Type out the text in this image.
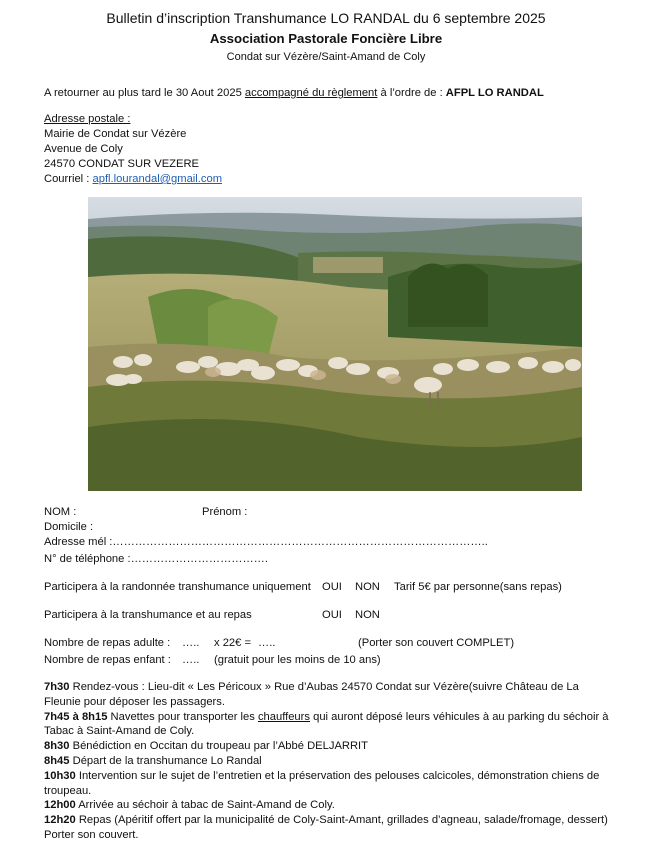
Bulletin d’inscription Transhumance LO RANDAL du 6 septembre 2025
Association Pastorale Foncière Libre
Condat sur Vézère/Saint-Amand de Coly
A retourner au plus tard le 30 Aout 2025 accompagné du règlement à l’ordre de : AFPL LO RANDAL
Adresse postale :
Mairie de Condat sur Vézère
Avenue de Coly
24570 CONDAT SUR VEZERE
Courriel : apfl.lourandal@gmail.com
NOM :	Prénom :
Domicile :
Adresse mél :………………………………………………………………………………………..
N° de téléphone :……………………………….
Participera à la randonnée transhumance uniquement OUI NON Tarif 5€ par personne(sans repas)
Participera à la transhumance et au repas	OUI NON
Nombre de repas adulte : ….. x 22€ = …..	(Porter son couvert COMPLET)
Nombre de repas enfant : ….. (gratuit pour les moins de 10 ans)

7h30 Rendez-vous : Lieu-dit « Les Péricoux » Rue d’Aubas 24570 Condat sur Vézère(suivre Château de La Fleunie pour déposer les passagers.

7h45 à 8h15 Navettes pour transporter les chauffeurs qui auront déposé leurs véhicules à au parking du séchoir à Tabac à Saint-Amand de Coly.

8h30 Bénédiction en Occitan du troupeau par l’Abbé DELJARRIT

8h45 Départ de la transhumance Lo Randal

10h30 Intervention sur le sujet de l’entretien et la préservation des pelouses calcicoles, démonstration chiens de troupeau.

12h00 Arrivée au séchoir à tabac de Saint-Amand de Coly.

12h20 Repas (Apéritif offert par la municipalité de Coly-Saint-Amant, grillades d’agneau, salade/fromage, dessert) Porter son couvert.
